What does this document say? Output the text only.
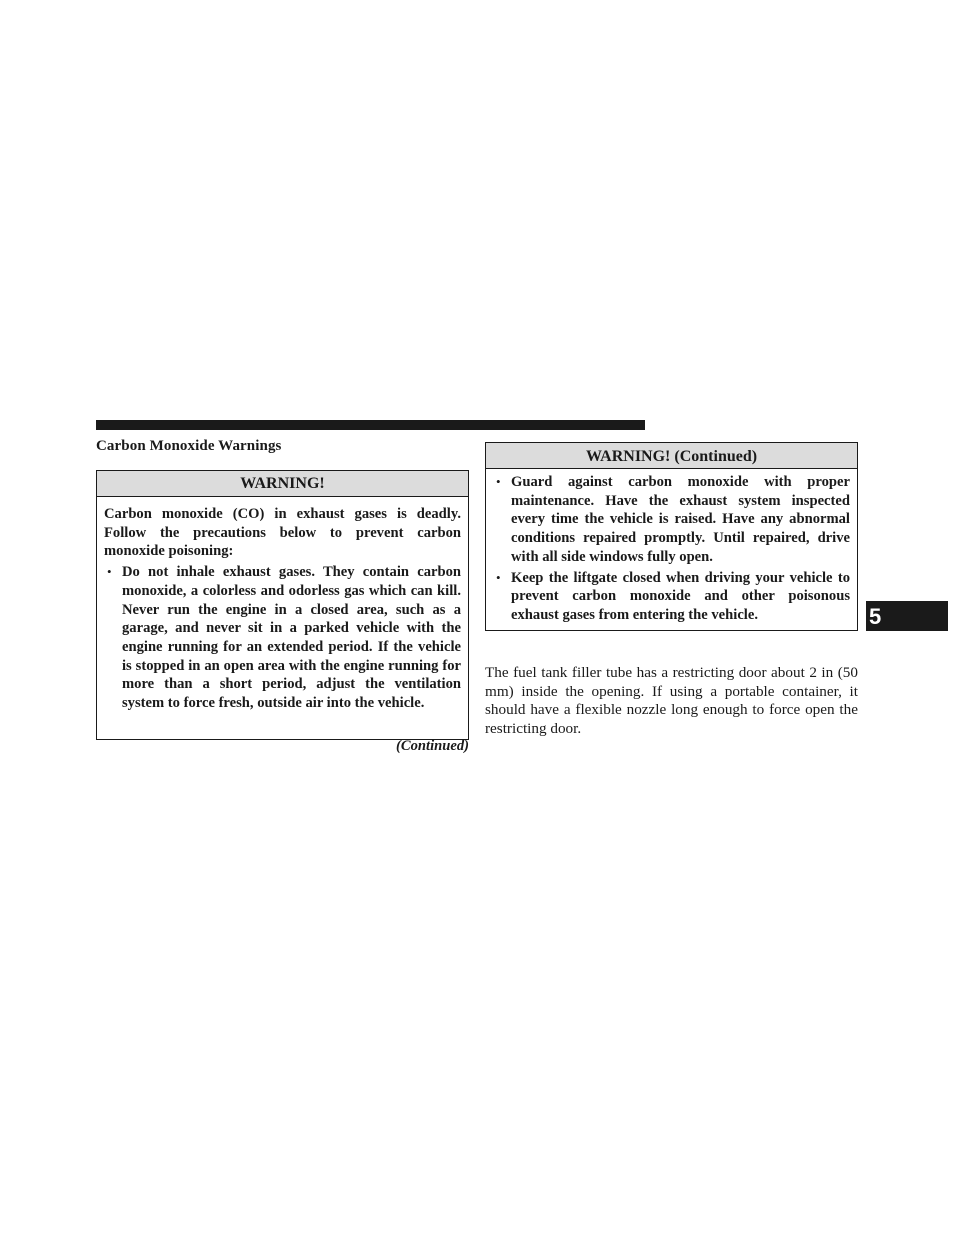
Carbon Monoxide Warnings
WARNING!

Carbon monoxide (CO) in exhaust gases is deadly. Follow the precautions below to prevent carbon monoxide poisoning:

• Do not inhale exhaust gases. They contain carbon monoxide, a colorless and odorless gas which can kill. Never run the engine in a closed area, such as a garage, and never sit in a parked vehicle with the engine running for an extended period. If the vehicle is stopped in an open area with the engine running for more than a short period, adjust the ventilation system to force fresh, outside air into the vehicle.
(Continued)
WARNING! (Continued)
• Guard against carbon monoxide with proper maintenance. Have the exhaust system inspected every time the vehicle is raised. Have any abnormal conditions repaired promptly. Until repaired, drive with all side windows fully open.
• Keep the liftgate closed when driving your vehicle to prevent carbon monoxide and other poisonous exhaust gases from entering the vehicle.

The fuel tank filler tube has a restricting door about 2 in (50 mm) inside the opening. If using a portable container, it should have a flexible nozzle long enough to force open the restricting door.

5
